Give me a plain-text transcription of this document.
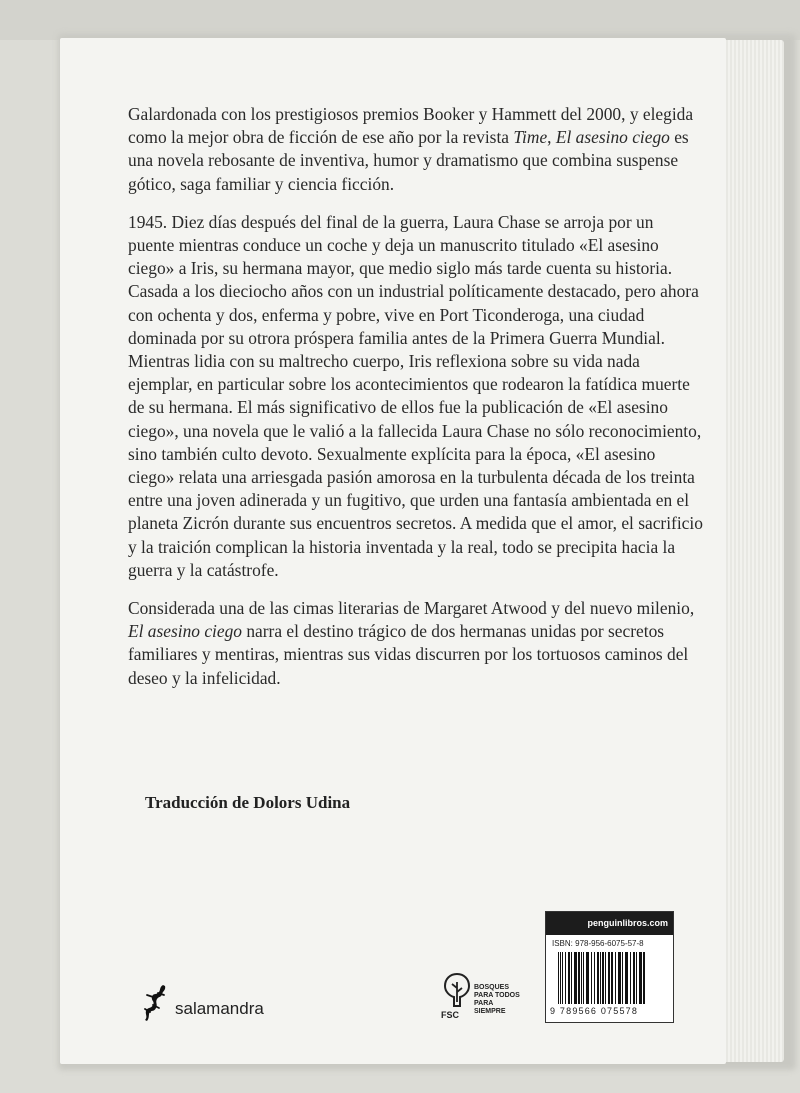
Galardonada con los prestigiosos premios Booker y Hammett del 2000, y elegida como la mejor obra de ficción de ese año por la revista Time, El asesino ciego es una novela rebosante de inventiva, humor y dramatismo que combina suspense gótico, saga familiar y ciencia ficción.

1945. Diez días después del final de la guerra, Laura Chase se arroja por un puente mientras conduce un coche y deja un manuscrito titulado «El asesino ciego» a Iris, su hermana mayor, que medio siglo más tarde cuenta su historia. Casada a los dieciocho años con un industrial políticamente destacado, pero ahora con ochenta y dos, enferma y pobre, vive en Port Ticonderoga, una ciudad dominada por su otrora próspera familia antes de la Primera Guerra Mundial. Mientras lidia con su maltrecho cuerpo, Iris reflexiona sobre su vida nada ejemplar, en particular sobre los acontecimientos que rodearon la fatídica muerte de su hermana. El más significativo de ellos fue la publicación de «El asesino ciego», una novela que le valió a la fallecida Laura Chase no sólo reconocimiento, sino también culto devoto. Sexualmente explícita para la época, «El asesino ciego» relata una arriesgada pasión amorosa en la turbulenta década de los treinta entre una joven adinerada y un fugitivo, que urden una fantasía ambientada en el planeta Zicrón durante sus encuentros secretos. A medida que el amor, el sacrificio y la traición complican la historia inventada y la real, todo se precipita hacia la guerra y la catástrofe.

Considerada una de las cimas literarias de Margaret Atwood y del nuevo milenio, El asesino ciego narra el destino trágico de dos hermanas unidas por secretos familiares y mentiras, mientras sus vidas discurren por los tortuosos caminos del deseo y la infelicidad.

Traducción de Dolors Udina
salamandra	FSC
BOSQUES
PARA TODOS
PARA SIEMPRE
penguinlibros.com
ISBN: 978-956-6075-57-8
9 789566 075578
